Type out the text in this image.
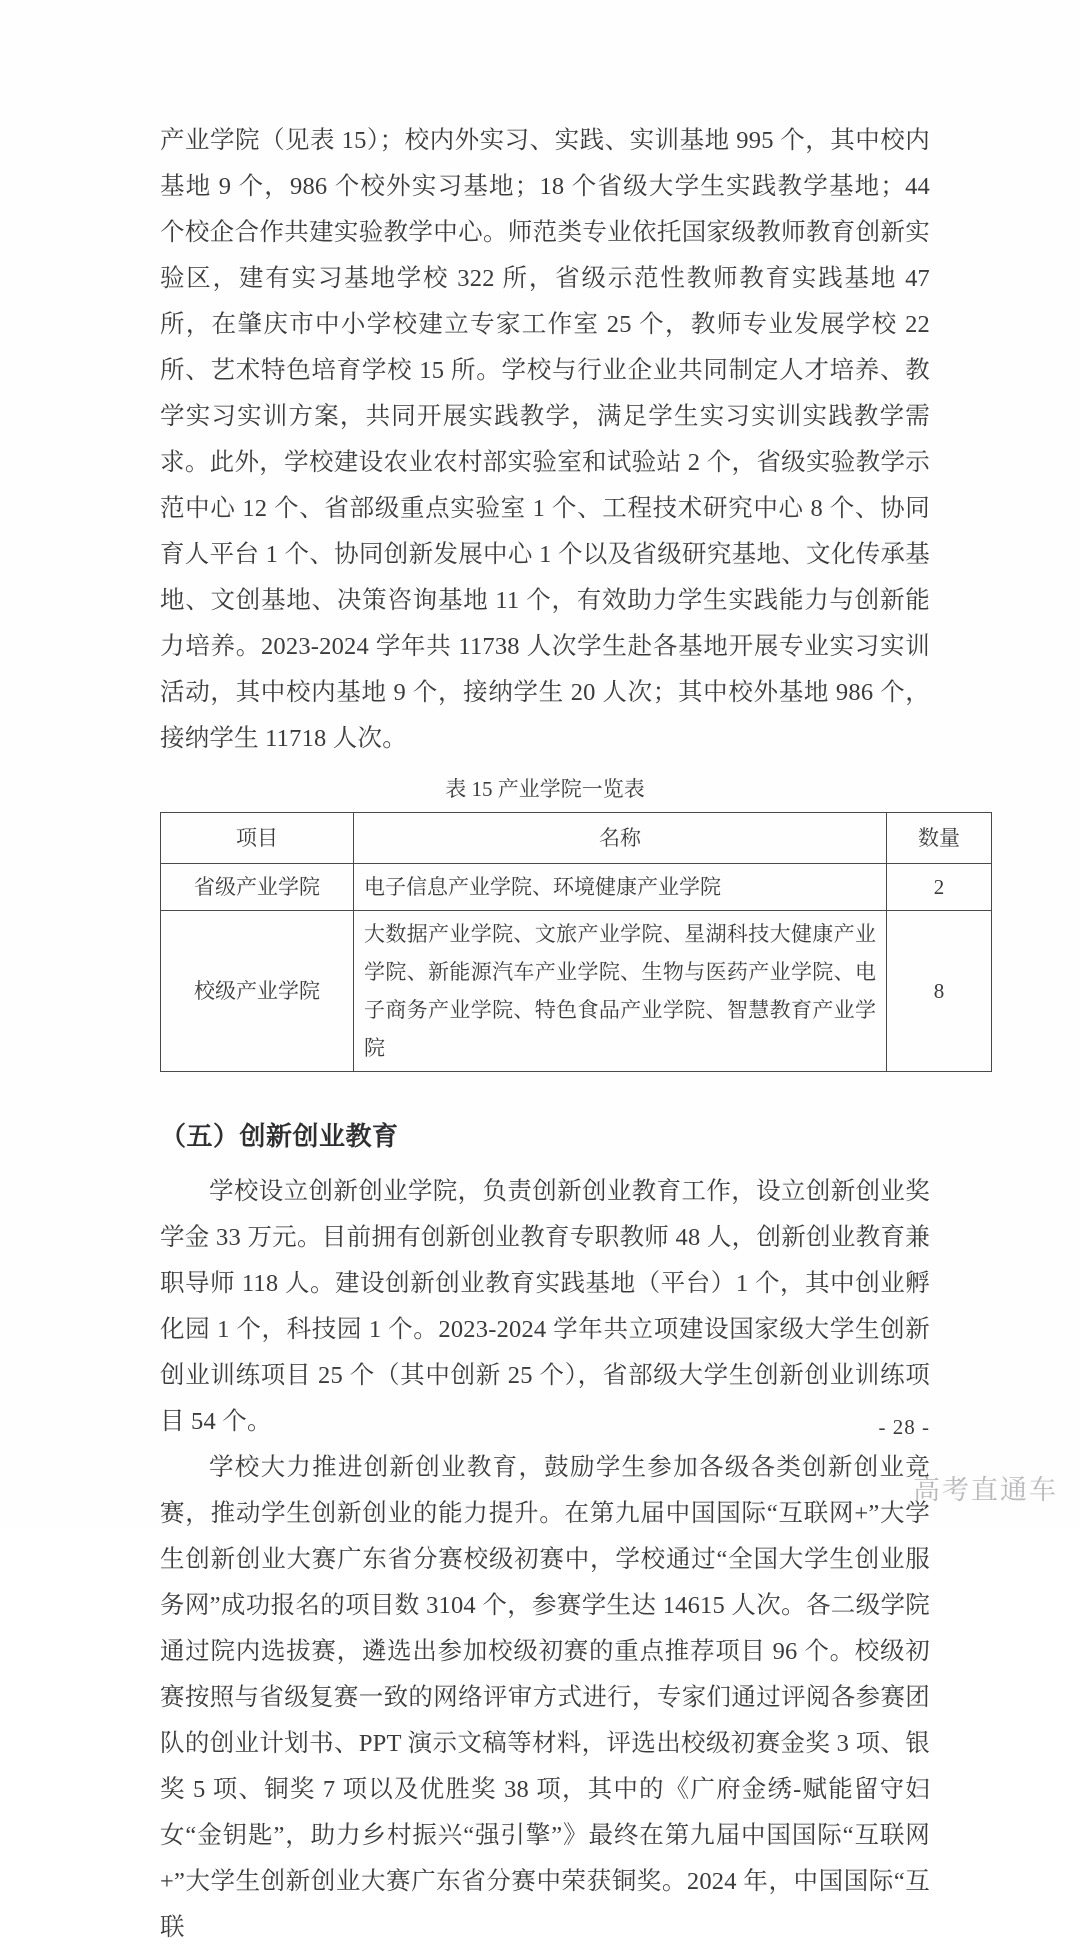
产业学院（见表 15）；校内外实习、实践、实训基地 995 个，其中校内基地 9 个，986 个校外实习基地；18 个省级大学生实践教学基地；44 个校企合作共建实验教学中心。师范类专业依托国家级教师教育创新实验区，建有实习基地学校 322 所，省级示范性教师教育实践基地 47 所，在肇庆市中小学校建立专家工作室 25 个，教师专业发展学校 22 所、艺术特色培育学校 15 所。学校与行业企业共同制定人才培养、教学实习实训方案，共同开展实践教学，满足学生实习实训实践教学需求。此外，学校建设农业农村部实验室和试验站 2 个，省级实验教学示范中心 12 个、省部级重点实验室 1 个、工程技术研究中心 8 个、协同育人平台 1 个、协同创新发展中心 1 个以及省级研究基地、文化传承基地、文创基地、决策咨询基地 11 个，有效助力学生实践能力与创新能力培养。2023-2024 学年共 11738 人次学生赴各基地开展专业实习实训活动，其中校内基地 9 个，接纳学生 20 人次；其中校外基地 986 个，接纳学生 11718 人次。

表 15 产业学院一览表
项目	名称	数量
省级产业学院	电子信息产业学院、环境健康产业学院	2
校级产业学院	大数据产业学院、文旅产业学院、星湖科技大健康产业学院、新能源汽车产业学院、生物与医药产业学院、电子商务产业学院、特色食品产业学院、智慧教育产业学院	8
（五）创新创业教育

学校设立创新创业学院，负责创新创业教育工作，设立创新创业奖学金 33 万元。目前拥有创新创业教育专职教师 48 人，创新创业教育兼职导师 118 人。建设创新创业教育实践基地（平台）1 个，其中创业孵化园 1 个，科技园 1 个。2023-2024 学年共立项建设国家级大学生创新创业训练项目 25 个（其中创新 25 个），省部级大学生创新创业训练项目 54 个。

学校大力推进创新创业教育，鼓励学生参加各级各类创新创业竞赛，推动学生创新创业的能力提升。在第九届中国国际“互联网+”大学生创新创业大赛广东省分赛校级初赛中，学校通过“全国大学生创业服务网”成功报名的项目数 3104 个，参赛学生达 14615 人次。各二级学院通过院内选拔赛，遴选出参加校级初赛的重点推荐项目 96 个。校级初赛按照与省级复赛一致的网络评审方式进行，专家们通过评阅各参赛团队的创业计划书、PPT 演示文稿等材料，评选出校级初赛金奖 3 项、银奖 5 项、铜奖 7 项以及优胜奖 38 项，其中的《广府金绣-赋能留守妇女“金钥匙”，助力乡村振兴“强引擎”》最终在第九届中国国际“互联网+”大学生创新创业大赛广东省分赛中荣获铜奖。2024 年，中国国际“互联

- 28 -
高考直通车
